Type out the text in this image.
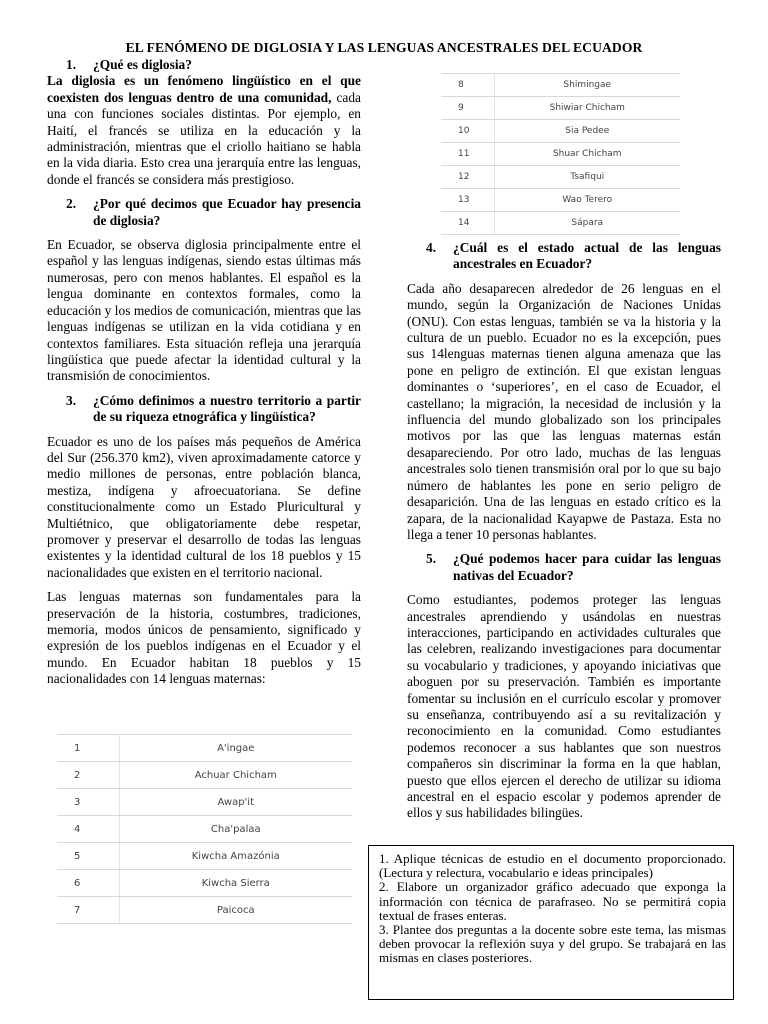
EL FENÓMENO DE DIGLOSIA Y LAS LENGUAS ANCESTRALES DEL ECUADOR
1.	¿Qué es diglosia?

La diglosia es un fenómeno lingüístico en el que coexisten dos lenguas dentro de una comunidad, cada una con funciones sociales distintas. Por ejemplo, en Haití, el francés se utiliza en la educación y la administración, mientras que el criollo haitiano se habla en la vida diaria. Esto crea una jerarquía entre las lenguas, donde el francés se considera más prestigioso.

2.	¿Por qué decimos que Ecuador hay presencia de diglosia?

En Ecuador, se observa diglosia principalmente entre el español y las lenguas indígenas, siendo estas últimas más numerosas, pero con menos hablantes. El español es la lengua dominante en contextos formales, como la educación y los medios de comunicación, mientras que las lenguas indígenas se utilizan en la vida cotidiana y en contextos familiares. Esta situación refleja una jerarquía lingüística que puede afectar la identidad cultural y la transmisión de conocimientos.

3.	¿Cómo definimos a nuestro territorio a partir de su riqueza etnográfica y lingüística?

Ecuador es uno de los países más pequeños de América del Sur (256.370 km2), viven aproximadamente catorce y medio millones de personas, entre población blanca, mestiza, indígena y afroecuatoriana. Se define constitucionalmente como un Estado Pluricultural y Multiétnico, que obligatoriamente debe respetar, promover y preservar el desarrollo de todas las lenguas existentes y la identidad cultural de los 18 pueblos y 15 nacionalidades que existen en el territorio nacional.

Las lenguas maternas son fundamentales para la preservación de la historia, costumbres, tradiciones, memoria, modos únicos de pensamiento, significado y expresión de los pueblos indígenas en el Ecuador y el mundo. En Ecuador habitan 18 pueblos y 15 nacionalidades con 14 lenguas maternas:

8	Shimingae
9	Shiwiar Chicham
10	Sia Pedee
11	Shuar Chicham
12	Tsafiqui
13	Wao Terero
14	Sápara
1	A'ingae
2	Achuar Chicham
3	Awap'it
4	Cha'palaa
5	Kiwcha Amazónia
6	Kiwcha Sierra
7	Paicoca
4.	¿Cuál es el estado actual de las lenguas ancestrales en Ecuador?

Cada año desaparecen alrededor de 26 lenguas en el mundo, según la Organización de Naciones Unidas (ONU). Con estas lenguas, también se va la historia y la cultura de un pueblo. Ecuador no es la excepción, pues sus 14lenguas maternas tienen alguna amenaza que las pone en peligro de extinción. El que existan lenguas dominantes o ‘superiores’, en el caso de Ecuador, el castellano; la migración, la necesidad de inclusión y la influencia del mundo globalizado son los principales motivos por las que las lenguas maternas están desapareciendo. Por otro lado, muchas de las lenguas ancestrales solo tienen transmisión oral por lo que su bajo número de hablantes les pone en serio peligro de desaparición. Una de las lenguas en estado crítico es la zapara, de la nacionalidad Kayapwe de Pastaza. Esta no llega a tener 10 personas hablantes.

5.	¿Qué podemos hacer para cuidar las lenguas nativas del Ecuador?

Como estudiantes, podemos proteger las lenguas ancestrales aprendiendo y usándolas en nuestras interacciones, participando en actividades culturales que las celebren, realizando investigaciones para documentar su vocabulario y tradiciones, y apoyando iniciativas que aboguen por su preservación. También es importante fomentar su inclusión en el currículo escolar y promover su enseñanza, contribuyendo así a su revitalización y reconocimiento en la comunidad. Como estudiantes podemos reconocer a sus hablantes que son nuestros compañeros sin discriminar la forma en la que hablan, puesto que ellos ejercen el derecho de utilizar su idioma ancestral en el espacio escolar y podemos aprender de ellos y sus habilidades bilingües.

1. Aplique técnicas de estudio en el documento proporcionado. (Lectura y relectura, vocabulario e ideas principales)

2. Elabore un organizador gráfico adecuado que exponga la información con técnica de parafraseo. No se permitirá copia textual de frases enteras.

3. Plantee dos preguntas a la docente sobre este tema, las mismas deben provocar la reflexión suya y del grupo. Se trabajará en las mismas en clases posteriores.
